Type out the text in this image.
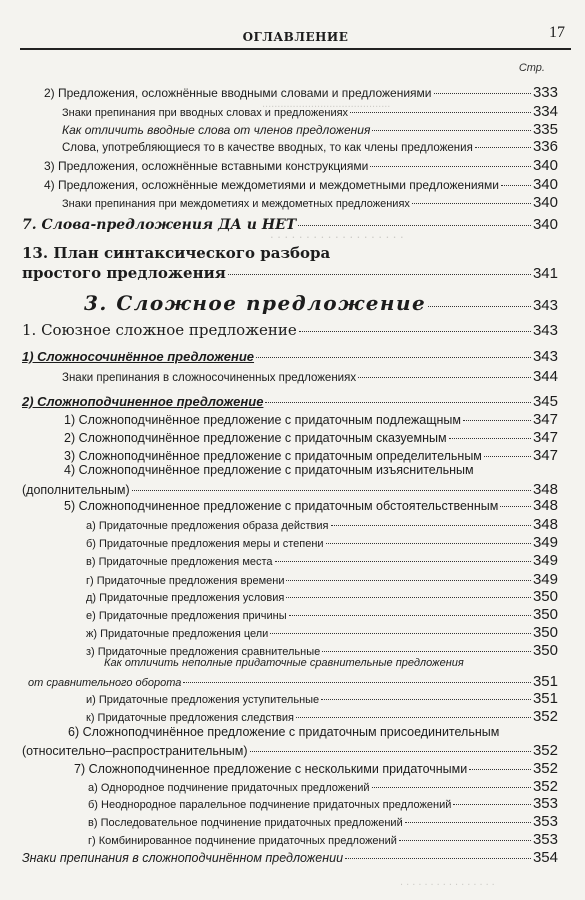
..........................................
. . . . . . . . . . . . . . . . . . .
. . . . . . . . . . . . . . . .
ОГЛАВЛЕНИЕ	17
Стр.
2) Предложения, осложнённые вводными словами и предложениями	333
Знаки препинания при вводных словах и предложениях	334
Как отличить вводные слова от членов предложения	335
Слова, употребляющиеся то в качестве вводных, то как члены предложения	336
3) Предложения, осложнённые вставными конструкциями	340
4) Предложения, осложнённые междометиями и междометными предложениями 340
Знаки препинания при междометиях и междометных предложениях	340
7. Слова-предложения ДА и НЕТ	340
13. План синтаксического разбора
простого предложения	341
3. Сложное предложение	343
1. Союзное сложное предложение	343
1) Сложносочинённое предложение	343
Знаки препинания в сложносочиненных предложениях	344
2) Сложноподчиненное предложение	345
1) Сложноподчинённое предложение с придаточным подлежащным	347
2) Сложноподчинённое предложение с придаточным сказуемным	347
3) Сложноподчинённое предложение с придаточным определительным	347
4) Сложноподчинённое предложение с придаточным изъяснительным
(дополнительным)	348
5) Сложноподчиненное предложение с придаточным обстоятельственным 348
а) Придаточные предложения образа действия	348
б) Придаточные предложения меры и степени	349
в) Придаточные предложения места	349
г) Придаточные предложения времени	349
д) Придаточные предложения условия	350
е) Придаточные предложения причины	350
ж) Придаточные предложения цели	350
з) Придаточные предложения сравнительные	350
Как отличить неполные придаточные сравнительные предложения
от сравнительного оборота	351
и) Придаточные предложения уступительные	351
к) Придаточные предложения следствия	352
6) Сложноподчинённое предложение с придаточным присоединительным
(относительно–распространительным)	352
7) Сложноподчиненное предложение с несколькими придаточными	352
а) Однородное подчинение придаточных предложений	352
б) Неоднородное паралельное подчинение придаточных предложений	353
в) Последовательное подчинение придаточных предложений	353
г) Комбинированное подчинение придаточных предложений	353
Знаки препинания в сложноподчинённом предложении	354
